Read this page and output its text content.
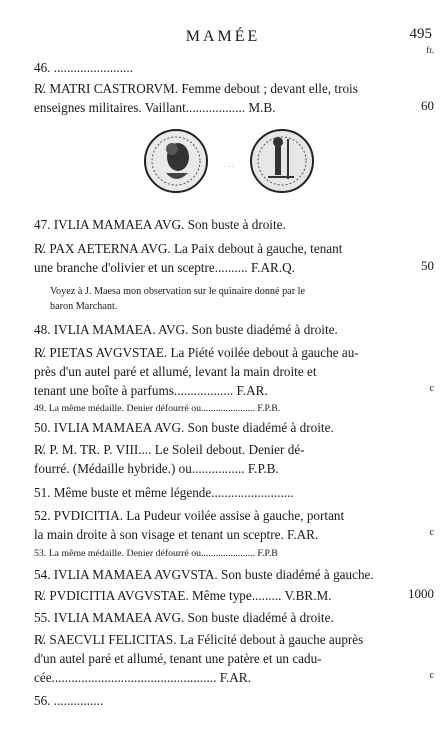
MAMÉE	495
fr.
46. ........................
R̸. MATRI CASTRORVM. Femme debout ; devant elle, trois
enseignes militaires. Vaillant.................. M.B.	60
· · ·
47. IVLIA MAMAEA AVG. Son buste à droite.
R̸. PAX AETERNA AVG. La Paix debout à gauche, tenant
une branche d'olivier et un sceptre.......... F.AR.Q.	50
Voyez à J. Maesa mon observation sur le quinaire donné par le
baron Marchant.
48. IVLIA MAMAEA. AVG. Son buste diadémé à droite.
R̸. PIETAS AVGVSTAE. La Piété voilée debout à gauche au-
près d'un autel paré et allumé, levant la main droite et
tenant une boîte à parfums.................. F.AR.	c
49. La même médaille. Denier défourré ou...................... F.P.B.
50. IVLIA MAMAEA AVG. Son buste diadémé à droite.
R̸. P. M. TR. P. VIII.... Le Soleil debout. Denier dé-
fourré. (Médaille hybride.) ou................ F.P.B.
51. Même buste et même légende.........................
52. PVDICITIA. La Pudeur voilée assise à gauche, portant
la main droite à son visage et tenant un sceptre. F.AR.	c
53. La même médaille. Denier défourré ou...................... F.P.B
54. IVLIA MAMAEA AVGVSTA. Son buste diadémé à gauche.
R̸. PVDICITIA AVGVSTAE. Même type......... V.BR.M.	1000
55. IVLIA MAMAEA AVG. Son buste diadémé à droite.
R̸. SAECVLI FELICITAS. La Félicité debout à gauche auprès
d'un autel paré et allumé, tenant une patère et un cadu-
cée.................................................. F.AR.	c
56. ...............
